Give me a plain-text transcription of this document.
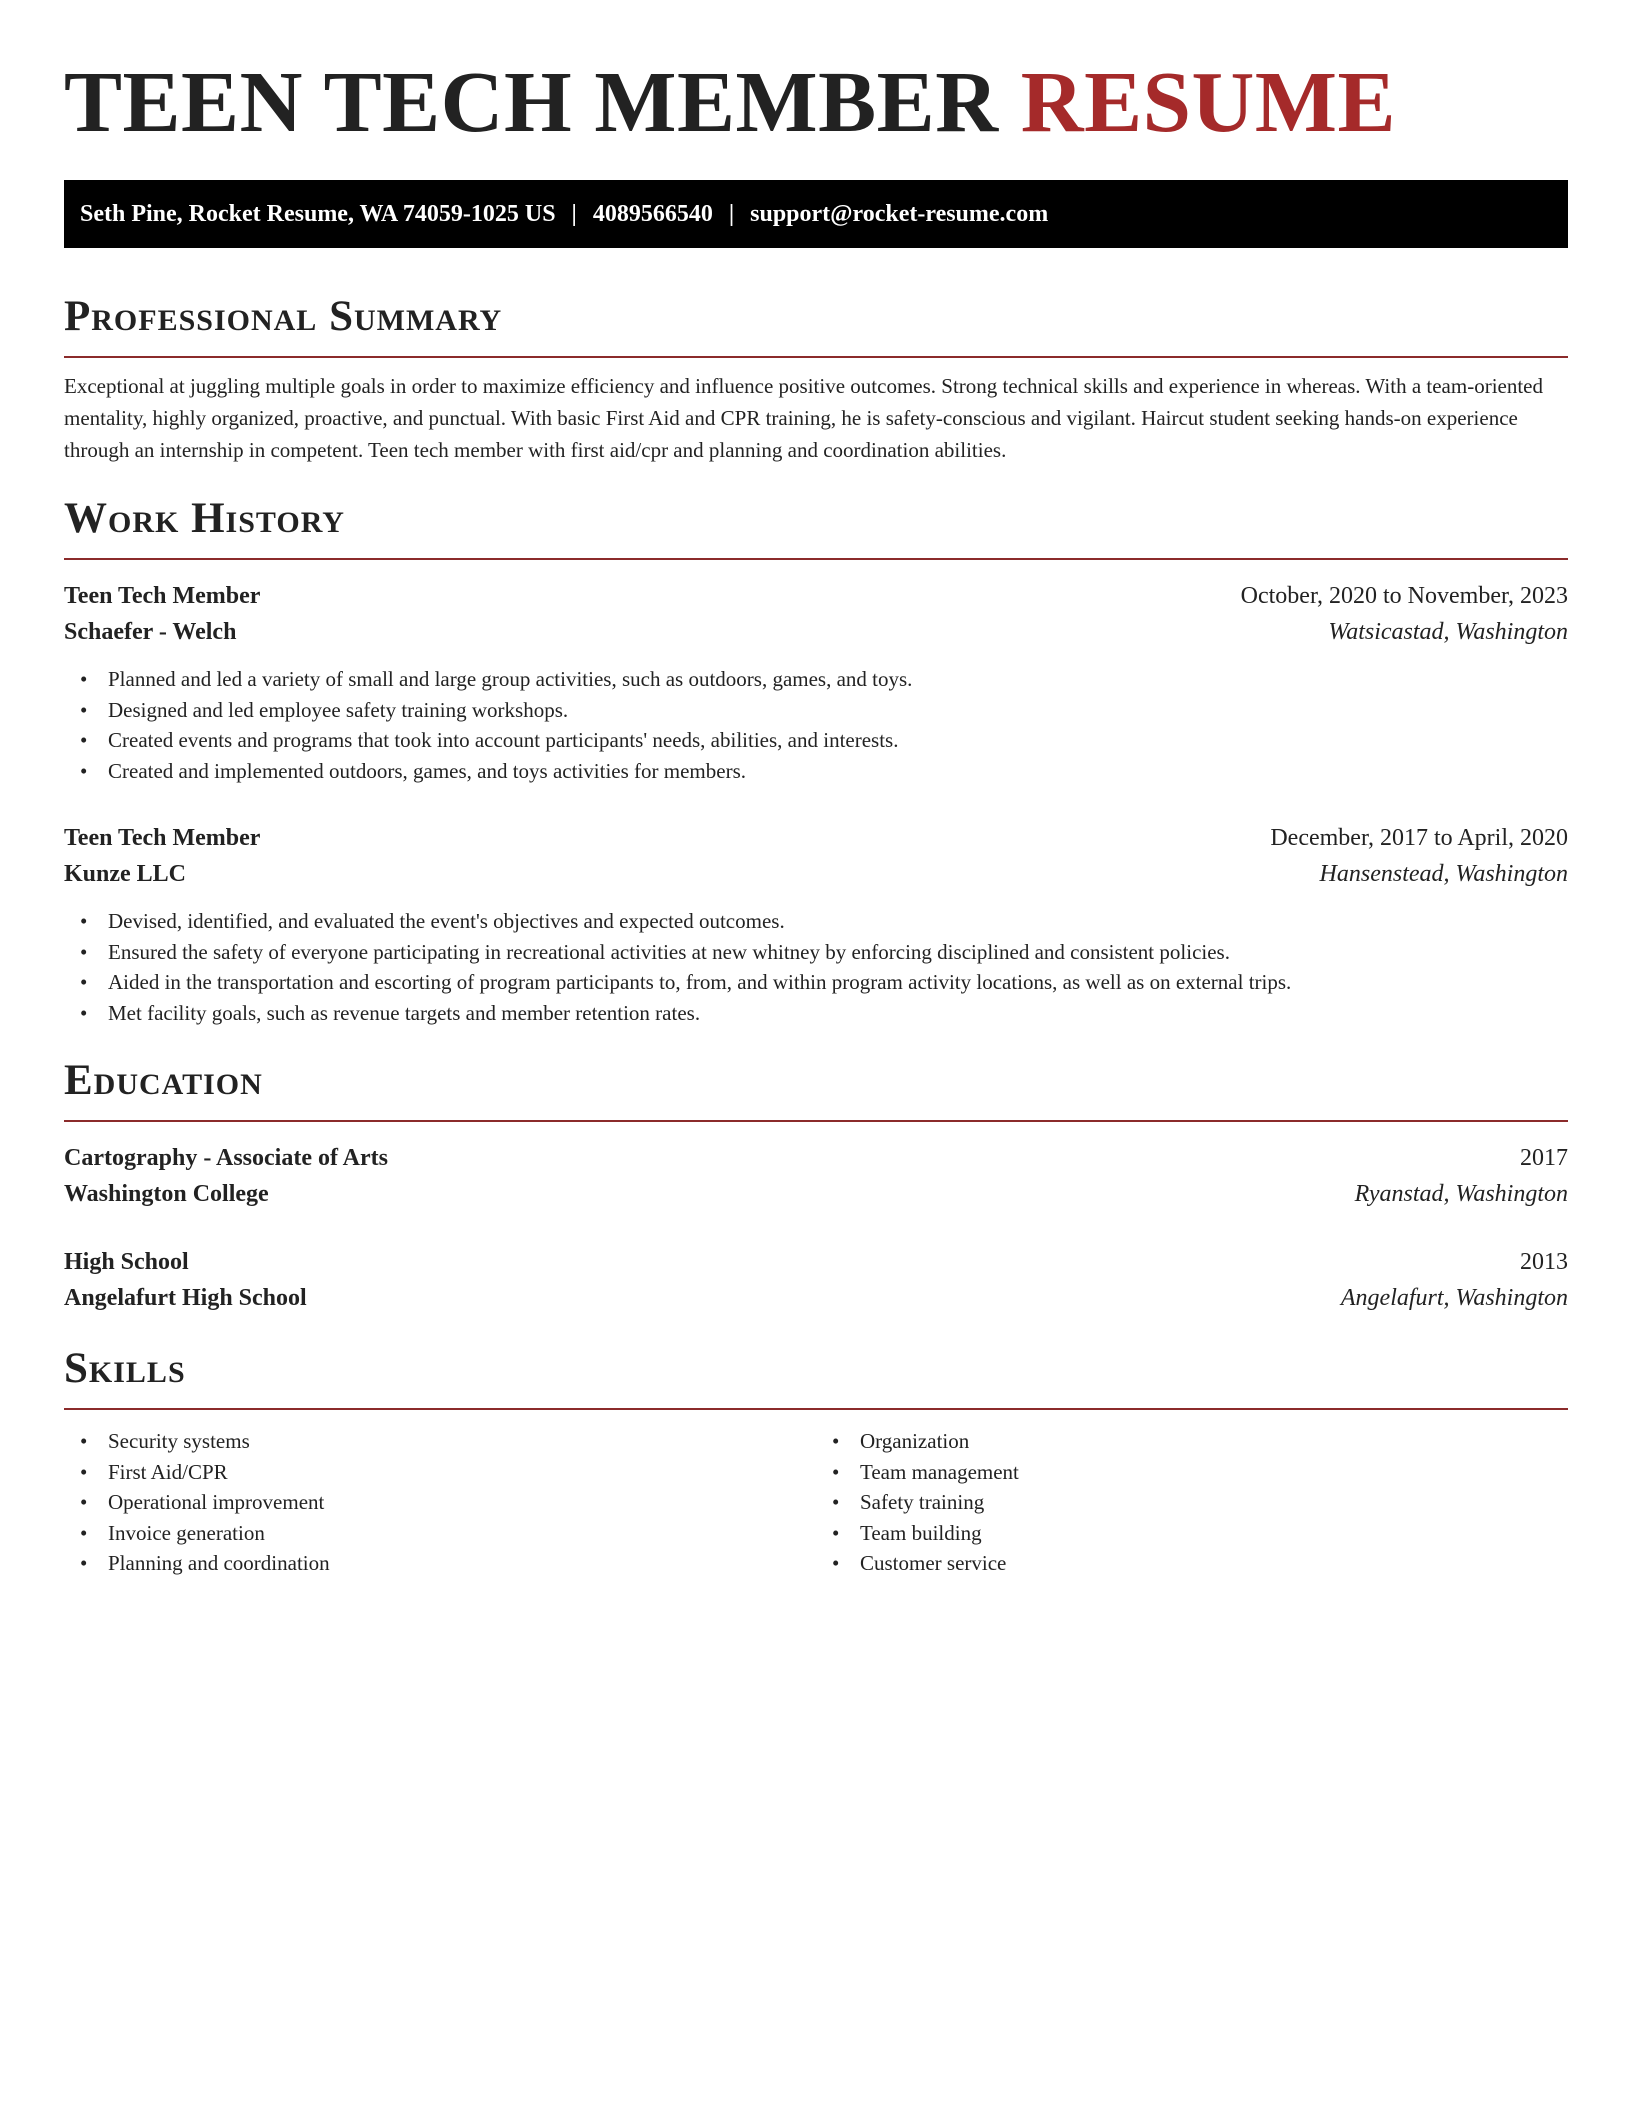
TEEN TECH MEMBER RESUME
Seth Pine, Rocket Resume, WA 74059-1025 US | 4089566540 | support@rocket-resume.com
Professional Summary
Exceptional at juggling multiple goals in order to maximize efficiency and influence positive outcomes. Strong technical skills and experience in whereas. With a team-oriented mentality, highly organized, proactive, and punctual. With basic First Aid and CPR training, he is safety-conscious and vigilant. Haircut student seeking hands-on experience through an internship in competent. Teen tech member with first aid/cpr and planning and coordination abilities.
Work History
Teen Tech Member	October, 2020 to November, 2023
Schaefer - Welch	Watsicastad, Washington
• Planned and led a variety of small and large group activities, such as outdoors, games, and toys.
• Designed and led employee safety training workshops.
• Created events and programs that took into account participants' needs, abilities, and interests.
• Created and implemented outdoors, games, and toys activities for members.
Teen Tech Member	December, 2017 to April, 2020
Kunze LLC	Hansenstead, Washington
• Devised, identified, and evaluated the event's objectives and expected outcomes.
• Ensured the safety of everyone participating in recreational activities at new whitney by enforcing disciplined and consistent policies.
• Aided in the transportation and escorting of program participants to, from, and within program activity locations, as well as on external trips.
• Met facility goals, such as revenue targets and member retention rates.
Education
Cartography - Associate of Arts	2017
Washington College	Ryanstad, Washington
High School	2013
Angelafurt High School	Angelafurt, Washington
Skills
• Security systems
• First Aid/CPR
• Operational improvement
• Invoice generation
• Planning and coordination
• Organization
• Team management
• Safety training
• Team building
• Customer service
